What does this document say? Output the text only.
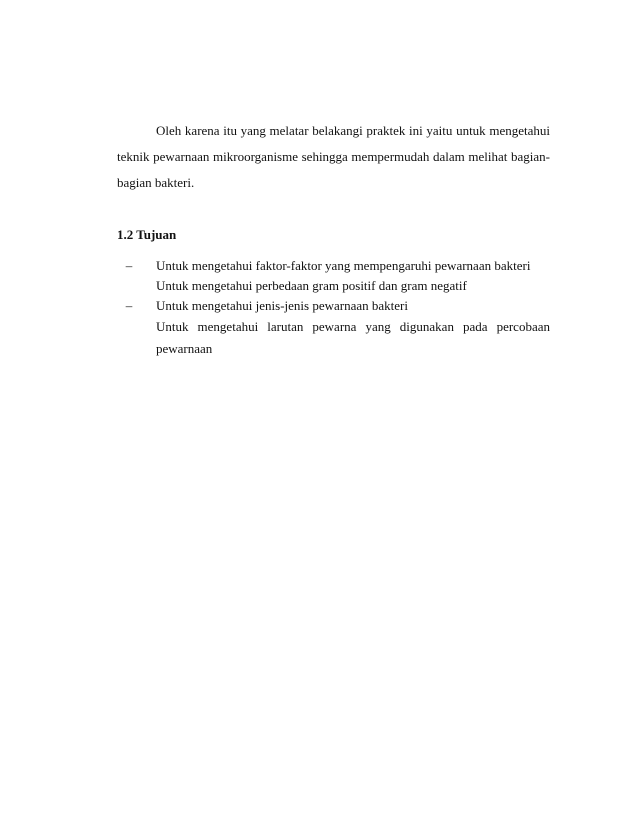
Oleh karena itu yang melatar belakangi praktek ini yaitu untuk mengetahui teknik pewarnaan mikroorganisme sehingga mempermudah dalam melihat bagian-bagian bakteri.

1.2 Tujuan
– Untuk mengetahui faktor-faktor yang mempengaruhi pewarnaan bakteri
Untuk mengetahui perbedaan gram positif dan gram negatif
– Untuk mengetahui jenis-jenis pewarnaan bakteri
Untuk mengetahui larutan pewarna yang digunakan pada percobaan pewarnaan
